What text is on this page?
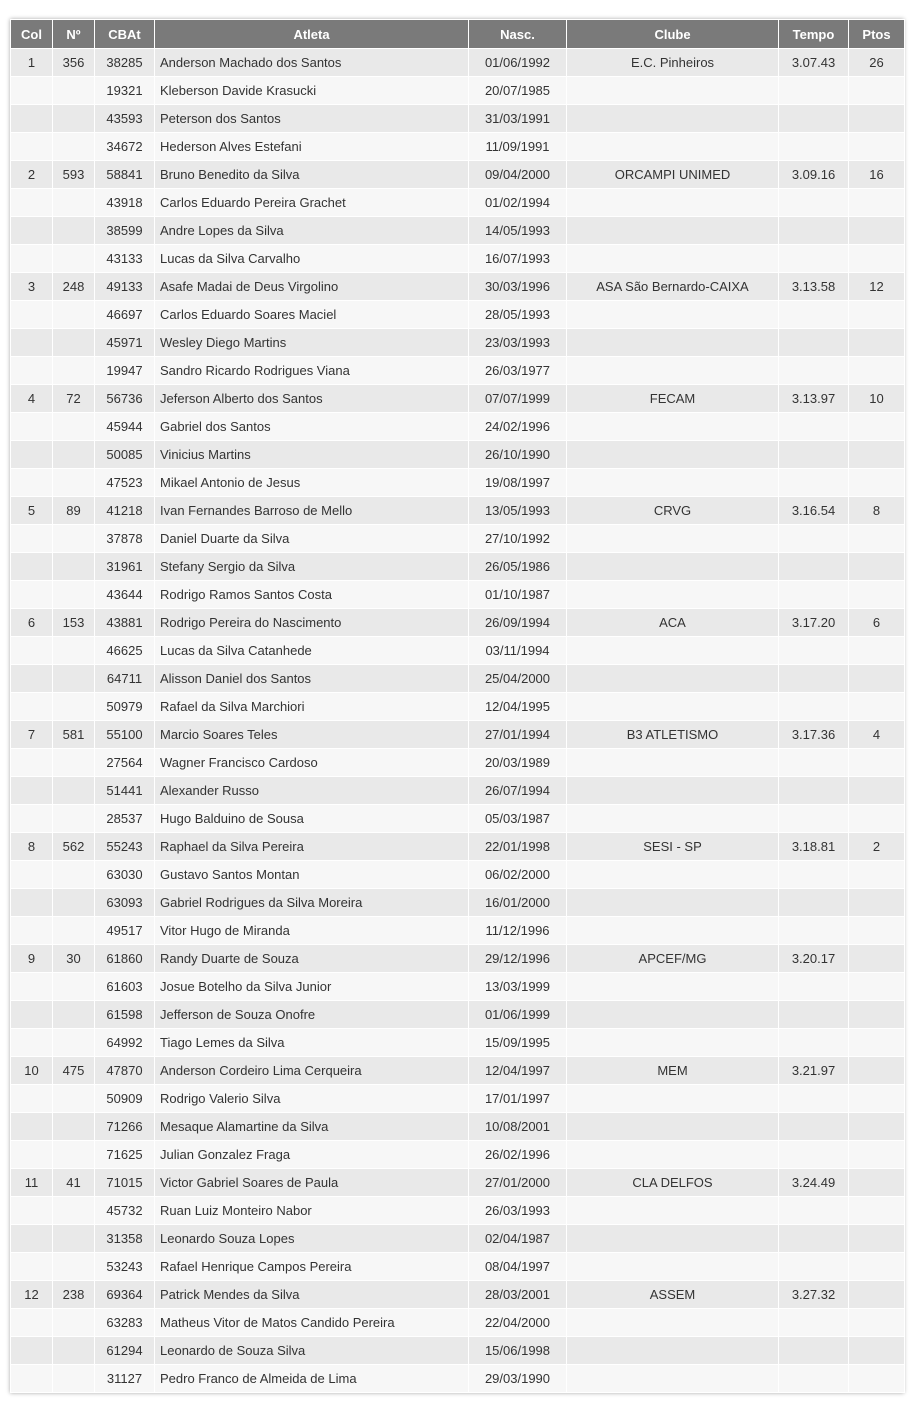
Col	Nº	CBAt	Atleta	Nasc.	Clube	Tempo	Ptos
1	356	38285	Anderson Machado dos Santos	01/06/1992	E.C. Pinheiros	3.07.43	26
		19321	Kleberson Davide Krasucki	20/07/1985			
		43593	Peterson dos Santos	31/03/1991			
		34672	Hederson Alves Estefani	11/09/1991			
2	593	58841	Bruno Benedito da Silva	09/04/2000	ORCAMPI UNIMED	3.09.16	16
		43918	Carlos Eduardo Pereira Grachet	01/02/1994			
		38599	Andre Lopes da Silva	14/05/1993			
		43133	Lucas da Silva Carvalho	16/07/1993			
3	248	49133	Asafe Madai de Deus Virgolino	30/03/1996	ASA São Bernardo-CAIXA	3.13.58	12
		46697	Carlos Eduardo Soares Maciel	28/05/1993			
		45971	Wesley Diego Martins	23/03/1993			
		19947	Sandro Ricardo Rodrigues Viana	26/03/1977			
4	72	56736	Jeferson Alberto dos Santos	07/07/1999	FECAM	3.13.97	10
		45944	Gabriel dos Santos	24/02/1996			
		50085	Vinicius Martins	26/10/1990			
		47523	Mikael Antonio de Jesus	19/08/1997			
5	89	41218	Ivan Fernandes Barroso de Mello	13/05/1993	CRVG	3.16.54	8
		37878	Daniel Duarte da Silva	27/10/1992			
		31961	Stefany Sergio da Silva	26/05/1986			
		43644	Rodrigo Ramos Santos Costa	01/10/1987			
6	153	43881	Rodrigo Pereira do Nascimento	26/09/1994	ACA	3.17.20	6
		46625	Lucas da Silva Catanhede	03/11/1994			
		64711	Alisson Daniel dos Santos	25/04/2000			
		50979	Rafael da Silva Marchiori	12/04/1995			
7	581	55100	Marcio Soares Teles	27/01/1994	B3 ATLETISMO	3.17.36	4
		27564	Wagner Francisco Cardoso	20/03/1989			
		51441	Alexander Russo	26/07/1994			
		28537	Hugo Balduino de Sousa	05/03/1987			
8	562	55243	Raphael da Silva Pereira	22/01/1998	SESI - SP	3.18.81	2
		63030	Gustavo Santos Montan	06/02/2000			
		63093	Gabriel Rodrigues da Silva Moreira	16/01/2000			
		49517	Vitor Hugo de Miranda	11/12/1996			
9	30	61860	Randy Duarte de Souza	29/12/1996	APCEF/MG	3.20.17	
		61603	Josue Botelho da Silva Junior	13/03/1999			
		61598	Jefferson de Souza Onofre	01/06/1999			
		64992	Tiago Lemes da Silva	15/09/1995			
10	475	47870	Anderson Cordeiro Lima Cerqueira	12/04/1997	MEM	3.21.97	
		50909	Rodrigo Valerio Silva	17/01/1997			
		71266	Mesaque Alamartine da Silva	10/08/2001			
		71625	Julian Gonzalez Fraga	26/02/1996			
11	41	71015	Victor Gabriel Soares de Paula	27/01/2000	CLA DELFOS	3.24.49	
		45732	Ruan Luiz Monteiro Nabor	26/03/1993			
		31358	Leonardo Souza Lopes	02/04/1987			
		53243	Rafael Henrique Campos Pereira	08/04/1997			
12	238	69364	Patrick Mendes da Silva	28/03/2001	ASSEM	3.27.32	
		63283	Matheus Vitor de Matos Candido Pereira	22/04/2000			
		61294	Leonardo de Souza Silva	15/06/1998			
		31127	Pedro Franco de Almeida de Lima	29/03/1990			
